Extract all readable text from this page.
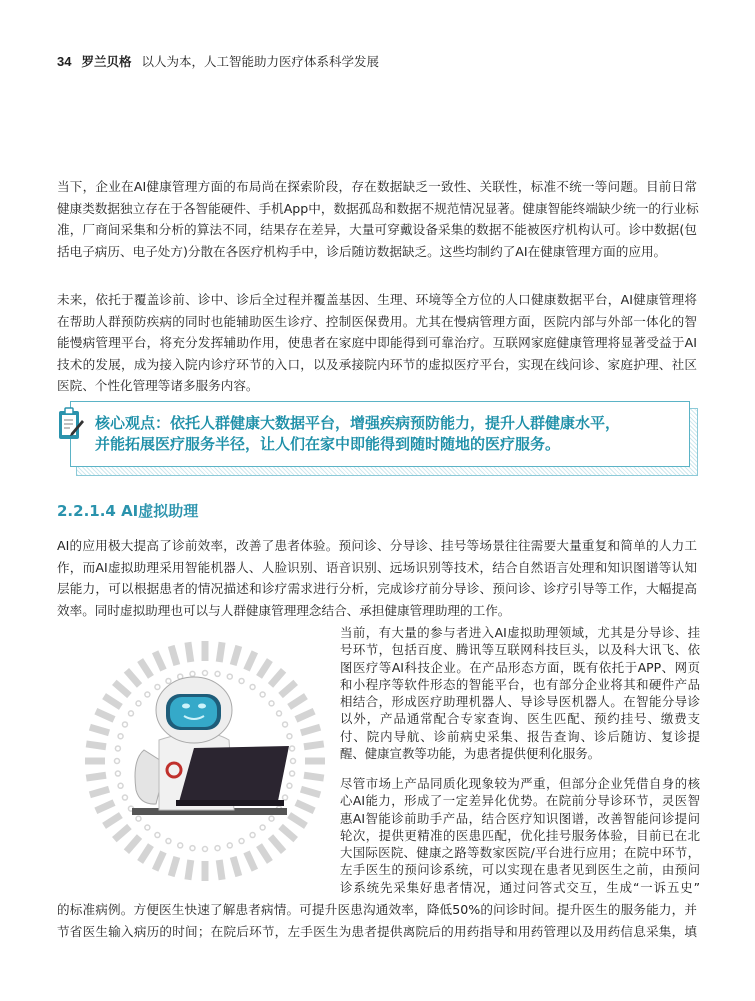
34 罗兰贝格 以人为本，人工智能助力医疗体系科学发展
当下，企业在AI健康管理方面的布局尚在探索阶段，存在数据缺乏一致性、关联性，标准不统一等问题。目前日常
健康类数据独立存在于各智能硬件、手机App中，数据孤岛和数据不规范情况显著。健康智能终端缺少统一的行业标
准，厂商间采集和分析的算法不同，结果存在差异，大量可穿戴设备采集的数据不能被医疗机构认可。诊中数据(包
括电子病历、电子处方)分散在各医疗机构手中，诊后随访数据缺乏。这些均制约了AI在健康管理方面的应用。
未来，依托于覆盖诊前、诊中、诊后全过程并覆盖基因、生理、环境等全方位的人口健康数据平台，AI健康管理将
在帮助人群预防疾病的同时也能辅助医生诊疗、控制医保费用。尤其在慢病管理方面，医院内部与外部一体化的智
能慢病管理平台，将充分发挥辅助作用，使患者在家庭中即能得到可靠治疗。互联网家庭健康管理将显著受益于AI
技术的发展，成为接入院内诊疗环节的入口，以及承接院内环节的虚拟医疗平台，实现在线问诊、家庭护理、社区
医院、个性化管理等诸多服务内容。
核心观点：依托人群健康大数据平台，增强疾病预防能力，提升人群健康水平，
并能拓展医疗服务半径，让人们在家中即能得到随时随地的医疗服务。
2.2.1.4 AI虚拟助理
AI的应用极大提高了诊前效率，改善了患者体验。预问诊、分导诊、挂号等场景往往需要大量重复和简单的人力工
作，而AI虚拟助理采用智能机器人、人脸识别、语音识别、远场识别等技术，结合自然语言处理和知识图谱等认知
层能力，可以根据患者的情况描述和诊疗需求进行分析，完成诊疗前分导诊、预问诊、诊疗引导等工作，大幅提高
效率。同时虚拟助理也可以与人群健康管理理念结合、承担健康管理助理的工作。
当前，有大量的参与者进入AI虚拟助理领域，尤其是分导诊、挂
号环节，包括百度、腾讯等互联网科技巨头，以及科大讯飞、依
图医疗等AI科技企业。在产品形态方面，既有依托于APP、网页
和小程序等软件形态的智能平台，也有部分企业将其和硬件产品
相结合，形成医疗助理机器人、导诊导医机器人。在智能分导诊
以外，产品通常配合专家查询、医生匹配、预约挂号、缴费支
付、院内导航、诊前病史采集、报告查询、诊后随访、复诊提
醒、健康宣教等功能，为患者提供便利化服务。
尽管市场上产品同质化现象较为严重，但部分企业凭借自身的核
心AI能力，形成了一定差异化优势。在院前分导诊环节，灵医智
惠AI智能诊前助手产品，结合医疗知识图谱，改善智能问诊提问
轮次，提供更精准的医患匹配，优化挂号服务体验，目前已在北
大国际医院、健康之路等数家医院/平台进行应用；在院中环节，
左手医生的预问诊系统，可以实现在患者见到医生之前，由预问
诊系统先采集好患者情况，通过问答式交互，生成“一诉五史”
的标准病例。方便医生快速了解患者病情。可提升医患沟通效率，降低50%的问诊时间。提升医生的服务能力，并
节省医生输入病历的时间；在院后环节，左手医生为患者提供离院后的用药指导和用药管理以及用药信息采集，填
